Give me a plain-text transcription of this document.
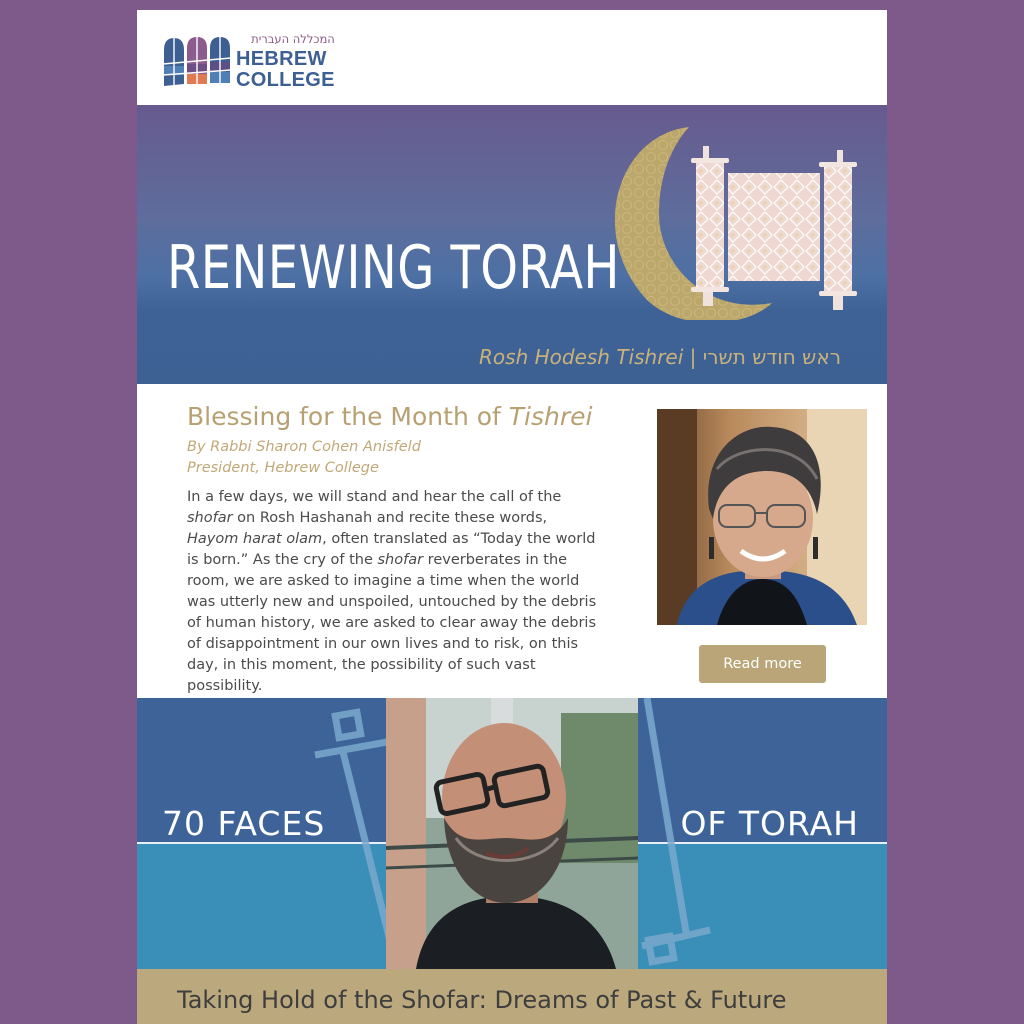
המכללה העברית
HEBREW
COLLEGE
RENEWING TORAH
Rosh Hodesh Tishrei | ראש חודש תשרי
Blessing for the Month of Tishrei
By Rabbi Sharon Cohen Anisfeld
President, Hebrew College
In a few days, we will stand and hear the call of the shofar on Rosh Hashanah and recite these words, Hayom harat olam, often translated as “Today the world is born.” As the cry of the shofar reverberates in the room, we are asked to imagine a time when the world was utterly new and unspoiled, untouched by the debris of human history, we are asked to clear away the debris of disappointment in our own lives and to risk, on this day, in this moment, the possibility of such vast possibility.
Read more
70 FACES	OF TORAH
Taking Hold of the Shofar: Dreams of Past & Future
